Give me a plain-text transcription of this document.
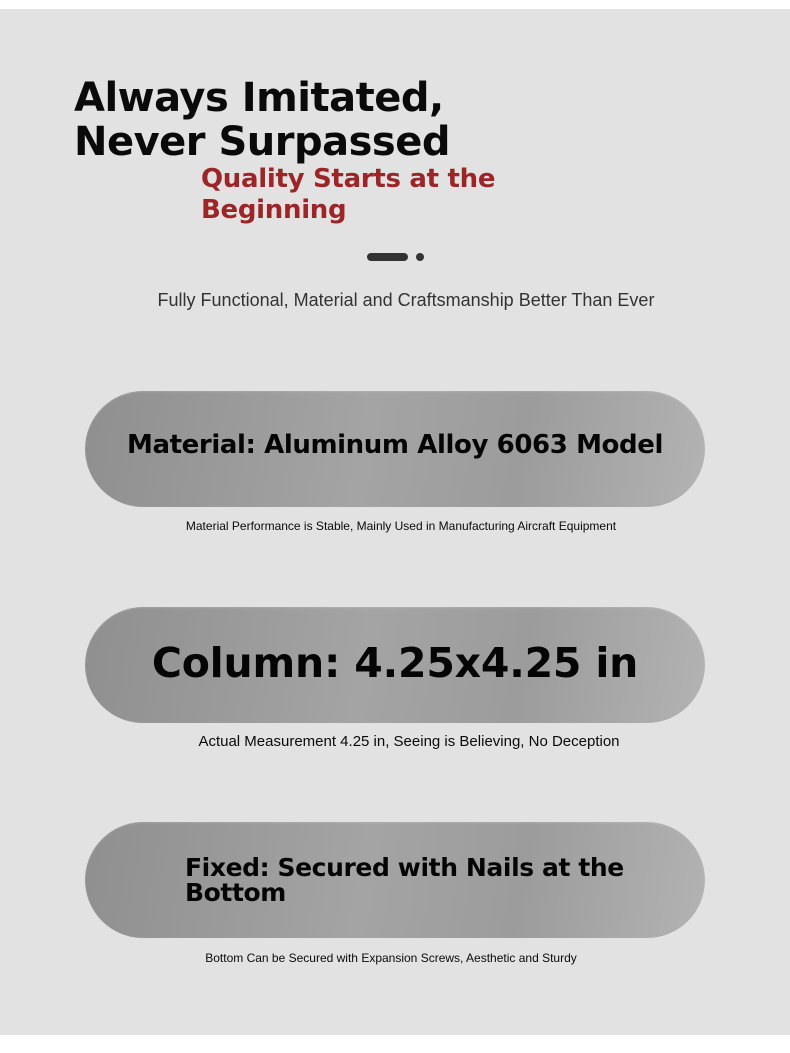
Always Imitated, Never Surpassed
Quality Starts at the Beginning

Fully Functional, Material and Craftsmanship Better Than Ever

Material: Aluminum Alloy 6063 Model

Material Performance is Stable, Mainly Used in Manufacturing Aircraft Equipment

Column: 4.25x4.25 in

Actual Measurement 4.25 in, Seeing is Believing, No Deception

Fixed: Secured with Nails at the Bottom

Bottom Can be Secured with Expansion Screws, Aesthetic and Sturdy
